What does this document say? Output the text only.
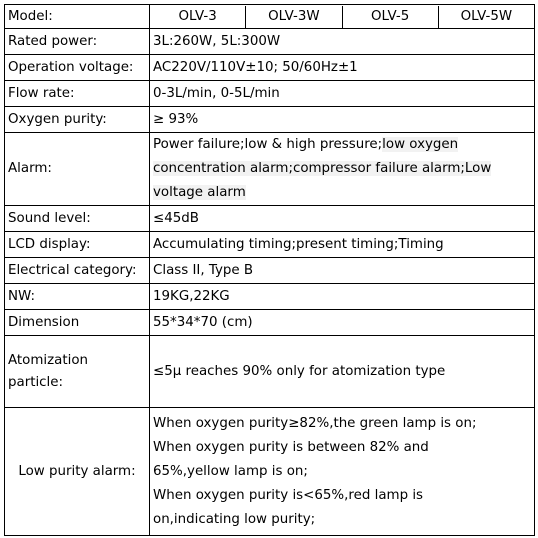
Model:	OLV-3 OLV-3W OLV-5 OLV-5W

Rated power:	3L:260W, 5L:300W
Operation voltage:	AC220V/110V±10; 50/60Hz±1
Flow rate:	0-3L/min, 0-5L/min
Oxygen purity:	≥ 93%
Alarm:	Power failure;low & high pressure;low oxygen
concentration alarm;compressor failure alarm;Low
voltage alarm

Sound level:	≤45dB
LCD display:	Accumulating timing;present timing;Timing
Electrical category:	Class II, Type B
NW:	19KG,22KG
Dimension	55*34*70 (cm)

Atomization
particle:	≤5μ reaches 90% only for atomization type
Low purity alarm:	When oxygen purity≥82%,the green lamp is on;
When oxygen purity is between 82% and
65%,yellow lamp is on;
When oxygen purity is<65%,red lamp is
on,indicating low purity;
